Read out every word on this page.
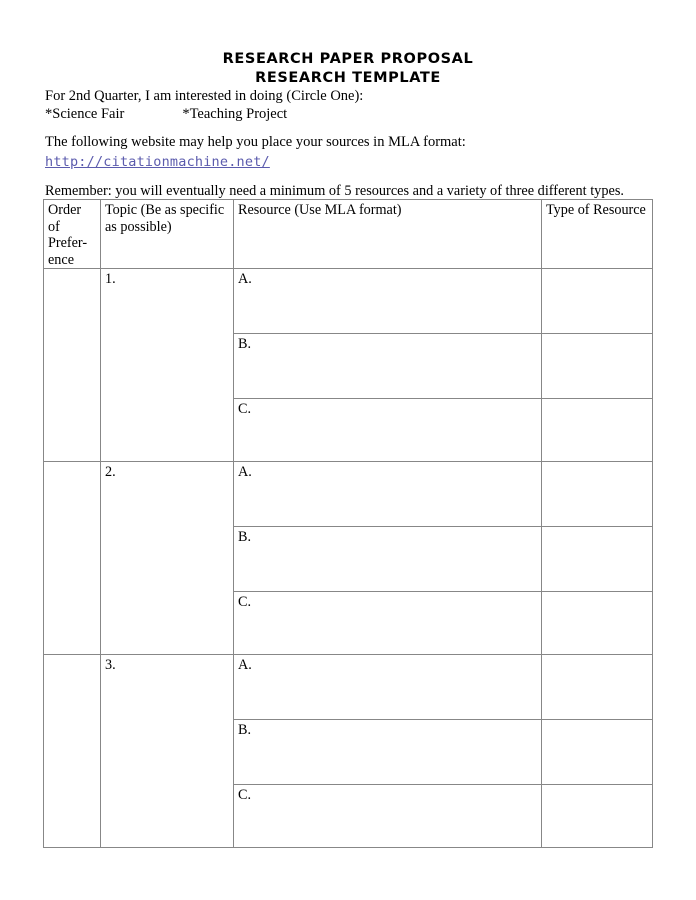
RESEARCH PAPER PROPOSAL
RESEARCH TEMPLATE
For 2nd Quarter, I am interested in doing (Circle One):
*Science Fair                *Teaching Project
The following website may help you place your sources in MLA format:
http://citationmachine.net/
Remember: you will eventually need a minimum of 5 resources and a variety of three different types.
Order
of
Prefer-
ence	Topic (Be as specific
as possible)	Resource (Use MLA format)	Type of Resource

	1.	A.	

		B.	

		C.	

	2.	A.	

		B.	

		C.	

	3.	A.	

		B.	

		C.	
